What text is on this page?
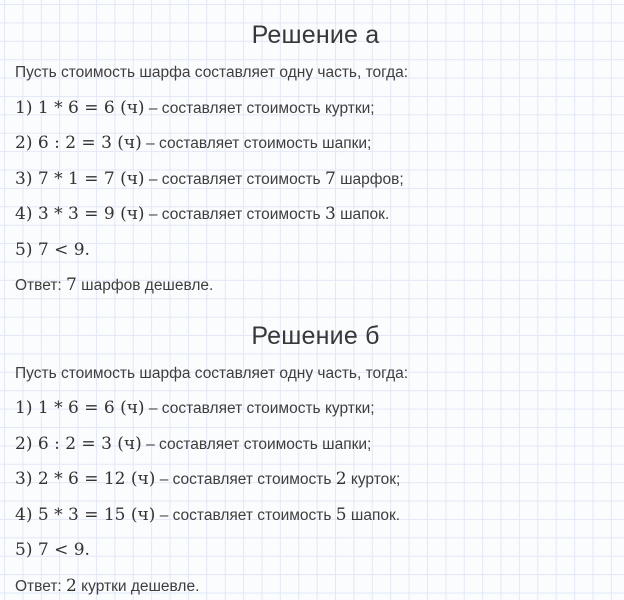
Решение а

Пусть стоимость шарфа составляет одну часть, тогда:

1) 1 * 6 = 6 (ч) – составляет стоимость куртки;

2) 6 : 2 = 3 (ч) – составляет стоимость шапки;

3) 7 * 1 = 7 (ч) – составляет стоимость 7 шарфов;

4) 3 * 3 = 9 (ч) – составляет стоимость 3 шапок.

5) 7 < 9.

Ответ: 7 шарфов дешевле.

Решение б

Пусть стоимость шарфа составляет одну часть, тогда:

1) 1 * 6 = 6 (ч) – составляет стоимость куртки;

2) 6 : 2 = 3 (ч) – составляет стоимость шапки;

3) 2 * 6 = 12 (ч) – составляет стоимость 2 курток;

4) 5 * 3 = 15 (ч) – составляет стоимость 5 шапок.

5) 7 < 9.

Ответ: 2 куртки дешевле.
